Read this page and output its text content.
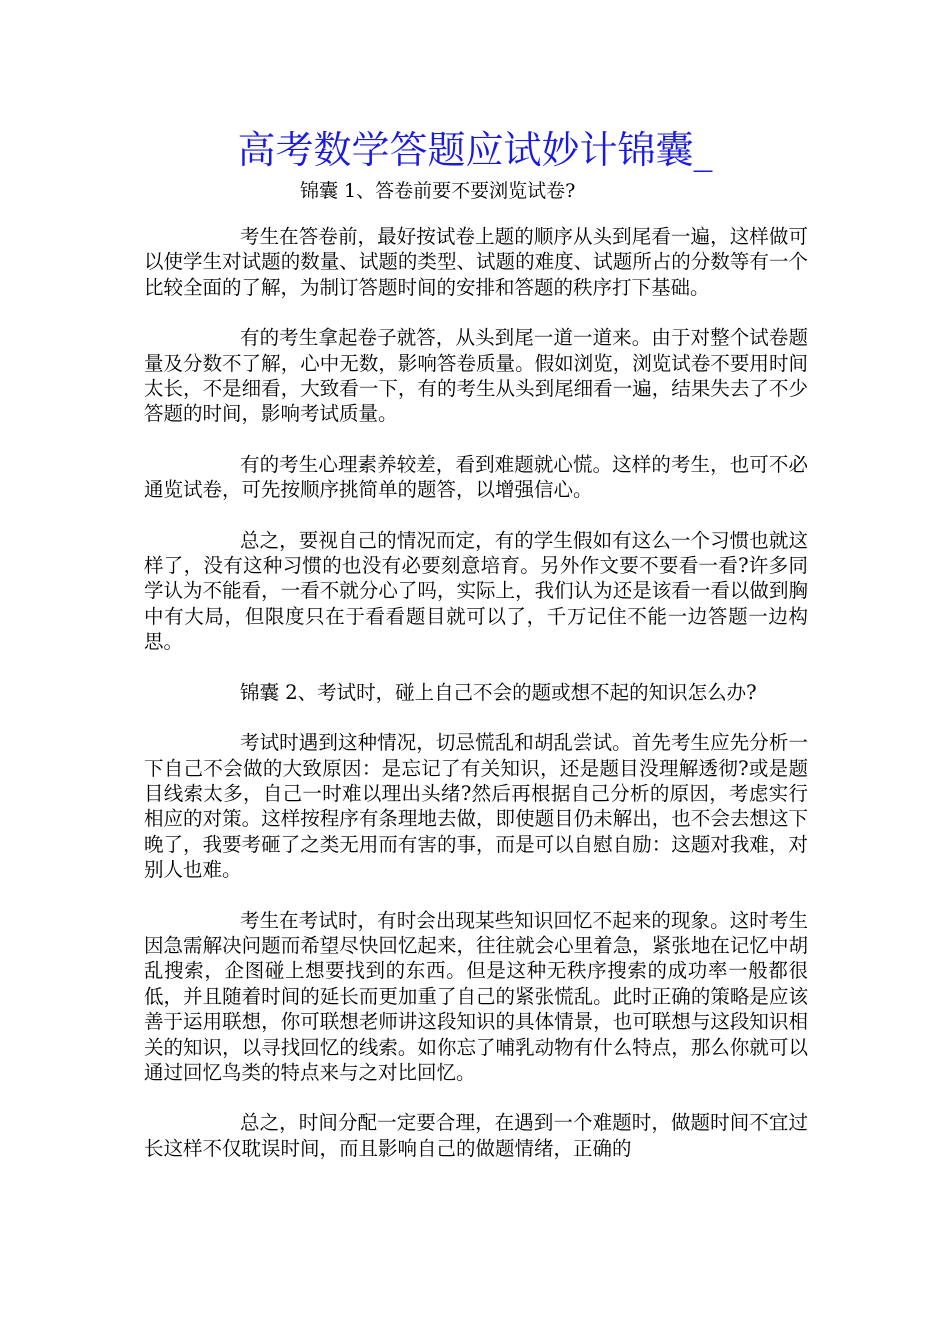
高考数学答题应试妙计锦囊_

锦囊 1、答卷前要不要浏览试卷?

考生在答卷前，最好按试卷上题的顺序从头到尾看一遍，这样做可以使学生对试题的数量、试题的类型、试题的难度、试题所占的分数等有一个比较全面的了解，为制订答题时间的安排和答题的秩序打下基础。

有的考生拿起卷子就答，从头到尾一道一道来。由于对整个试卷题量及分数不了解，心中无数，影响答卷质量。假如浏览，浏览试卷不要用时间太长，不是细看，大致看一下，有的考生从头到尾细看一遍，结果失去了不少答题的时间，影响考试质量。

有的考生心理素养较差，看到难题就心慌。这样的考生，也可不必通览试卷，可先按顺序挑简单的题答，以增强信心。

总之，要视自己的情况而定，有的学生假如有这么一个习惯也就这样了，没有这种习惯的也没有必要刻意培育。另外作文要不要看一看?许多同学认为不能看，一看不就分心了吗，实际上，我们认为还是该看一看以做到胸中有大局，但限度只在于看看题目就可以了，千万记住不能一边答题一边构思。

锦囊 2、考试时，碰上自己不会的题或想不起的知识怎么办?

考试时遇到这种情况，切忌慌乱和胡乱尝试。首先考生应先分析一下自己不会做的大致原因：是忘记了有关知识，还是题目没理解透彻?或是题目线索太多，自己一时难以理出头绪?然后再根据自己分析的原因，考虑实行相应的对策。这样按程序有条理地去做，即使题目仍未解出，也不会去想这下晚了，我要考砸了之类无用而有害的事，而是可以自慰自励：这题对我难，对别人也难。

考生在考试时，有时会出现某些知识回忆不起来的现象。这时考生因急需解决问题而希望尽快回忆起来，往往就会心里着急，紧张地在记忆中胡乱搜索，企图碰上想要找到的东西。但是这种无秩序搜索的成功率一般都很低，并且随着时间的延长而更加重了自己的紧张慌乱。此时正确的策略是应该善于运用联想，你可联想老师讲这段知识的具体情景，也可联想与这段知识相关的知识，以寻找回忆的线索。如你忘了哺乳动物有什么特点，那么你就可以通过回忆鸟类的特点来与之对比回忆。

总之，时间分配一定要合理，在遇到一个难题时，做题时间不宜过长这样不仅耽误时间，而且影响自己的做题情绪，正确的
